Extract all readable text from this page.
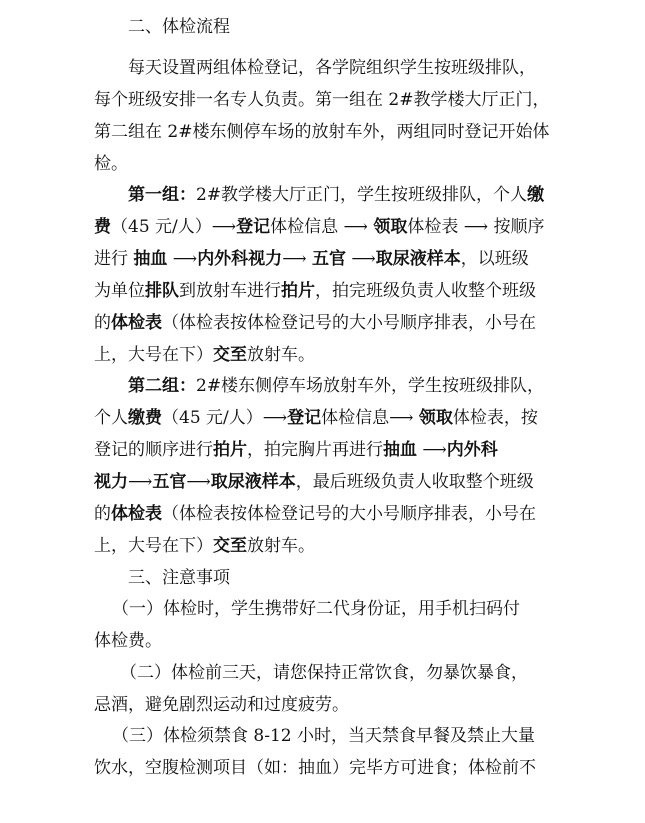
二、体检流程
每天设置两组体检登记，各学院组织学生按班级排队，
每个班级安排一名专人负责。第一组在 2#教学楼大厅正门，
第二组在 2#楼东侧停车场的放射车外，两组同时登记开始体
检。
第一组：2#教学楼大厅正门，学生按班级排队，个人缴
费（45 元/人）⟶登记体检信息 ⟶ 领取体检表 ⟶ 按顺序
进行 抽血 ⟶内外科视力⟶ 五官 ⟶取尿液样本，以班级
为单位排队到放射车进行拍片，拍完班级负责人收整个班级
的体检表（体检表按体检登记号的大小号顺序排表，小号在
上，大号在下）交至放射车。
第二组：2#楼东侧停车场放射车外，学生按班级排队，
个人缴费（45 元/人）⟶登记体检信息⟶ 领取体检表，按
登记的顺序进行拍片，拍完胸片再进行抽血 ⟶内外科
视力⟶五官⟶取尿液样本，最后班级负责人收取整个班级
的体检表（体检表按体检登记号的大小号顺序排表，小号在
上，大号在下）交至放射车。
三、注意事项
（一）体检时，学生携带好二代身份证，用手机扫码付
体检费。
（二）体检前三天，请您保持正常饮食，勿暴饮暴食，
忌酒，避免剧烈运动和过度疲劳。
（三）体检须禁食 8-12 小时，当天禁食早餐及禁止大量
饮水，空腹检测项目（如：抽血）完毕方可进食；体检前不
